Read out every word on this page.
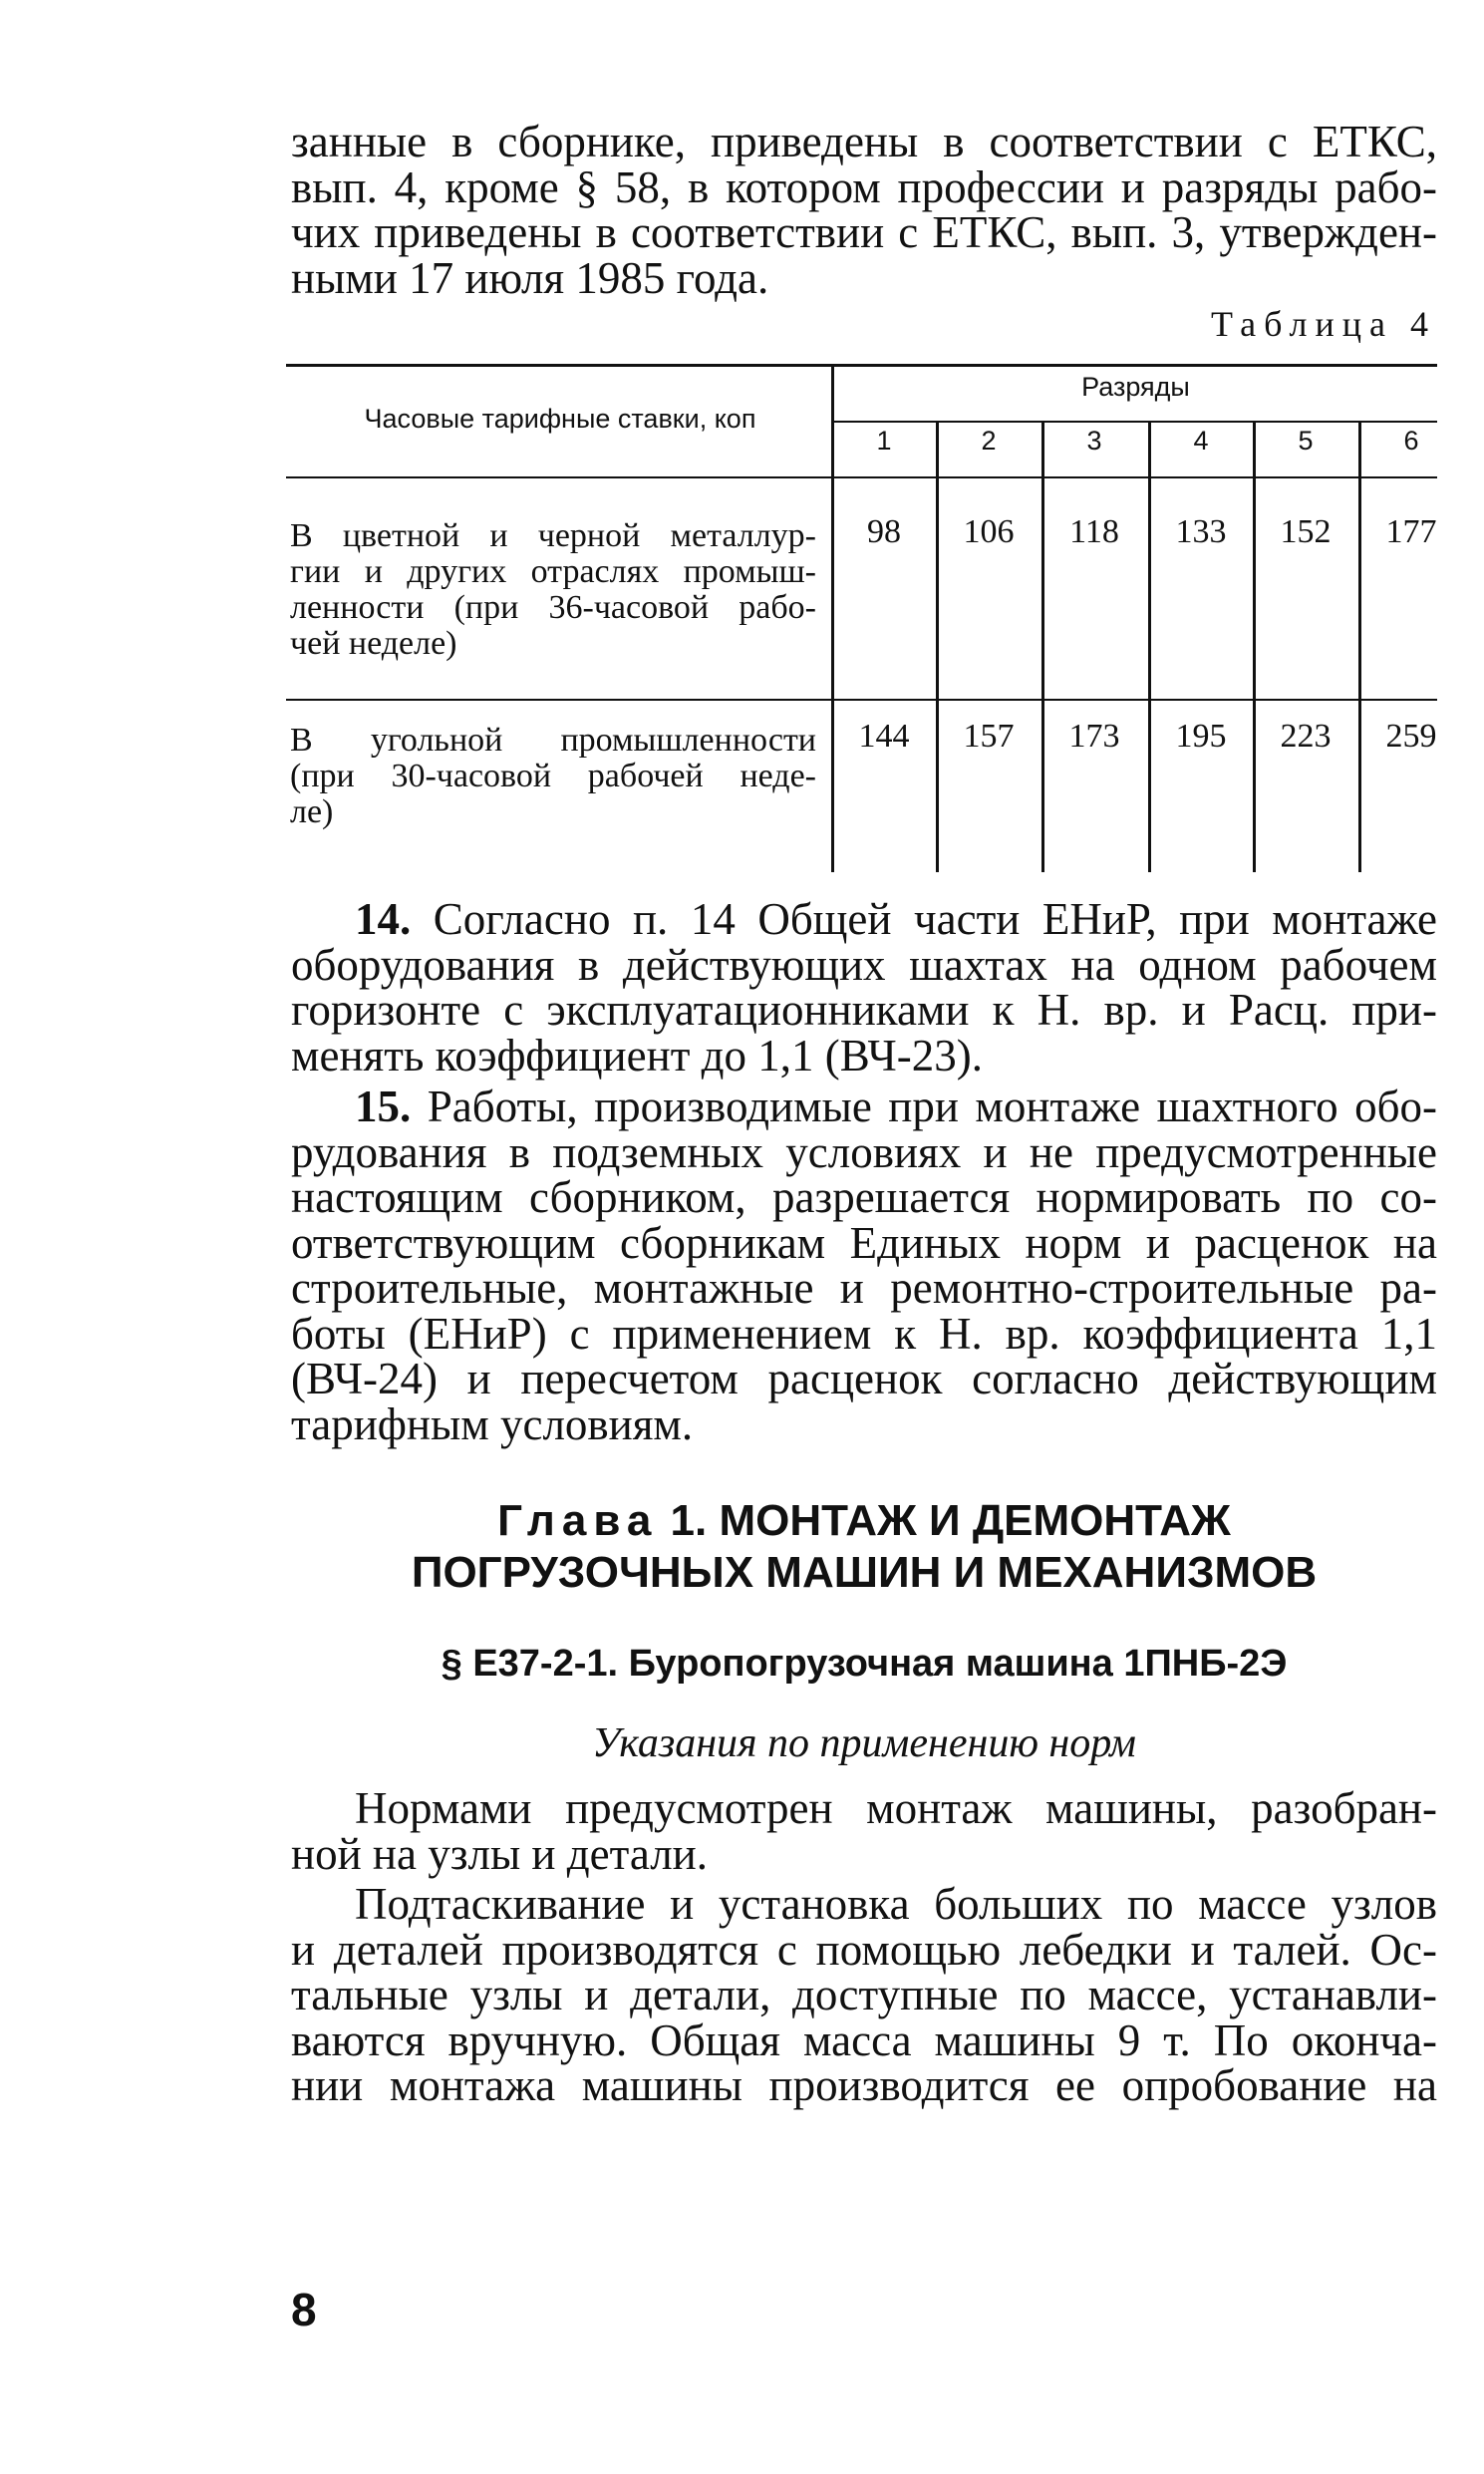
занные в сборнике, приведены в соответствии с ЕТКС,
вып. 4, кроме § 58, в котором профессии и разряды рабо-
чих приведены в соответствии с ЕТКС, вып. 3, утвержден-
ными 17 июля 1985 года.
Таблица 4
Часовые тарифные ставки, коп
Разряды
1	2	3	4	5	6
В цветной и черной металлур-
гии и других отраслях промыш-
ленности (при 36-часовой рабо-
чей неделе)
98	106	118	133	152	177
В угольной промышленности
(при 30-часовой рабочей неде-
ле)
144	157	173	195	223	259
14. Согласно п. 14 Общей части ЕНиР, при монтаже
оборудования в действующих шахтах на одном рабочем
горизонте с эксплуатационниками к Н. вр. и Расц. при-
менять коэффициент до 1,1 (ВЧ-23).
15. Работы, производимые при монтаже шахтного обо-
рудования в подземных условиях и не предусмотренные
настоящим сборником, разрешается нормировать по со-
ответствующим сборникам Единых норм и расценок на
строительные, монтажные и ремонтно-строительные ра-
боты (ЕНиР) с применением к Н. вр. коэффициента 1,1
(ВЧ-24) и пересчетом расценок согласно действующим
тарифным условиям.
Глава 1. МОНТАЖ И ДЕМОНТАЖ
ПОГРУЗОЧНЫХ МАШИН И МЕХАНИЗМОВ
§ Е37-2-1. Буропогрузочная машина 1ПНБ-2Э
Указания по применению норм
Нормами предусмотрен монтаж машины, разобран-
ной на узлы и детали.
Подтаскивание и установка больших по массе узлов
и деталей производятся с помощью лебедки и талей. Ос-
тальные узлы и детали, доступные по массе, устанавли-
ваются вручную. Общая масса машины 9 т. По оконча-
нии монтажа машины производится ее опробование на
8
